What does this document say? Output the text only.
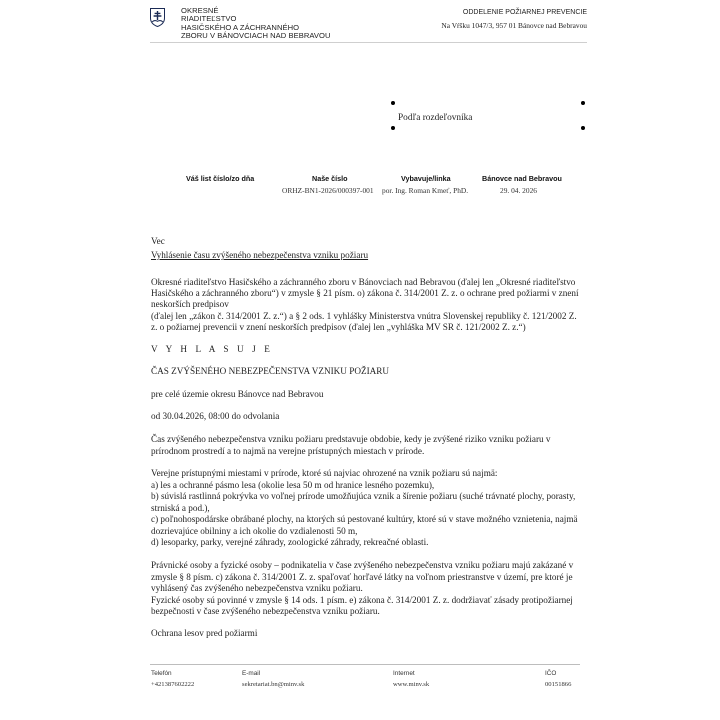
OKRESNÉ
RIADITEĽSTVO
HASIČSKÉHO A ZÁCHRANNÉHO
ZBORU V BÁNOVCIACH NAD BEBRAVOU
ODDELENIE POŽIARNEJ PREVENCIE
Na Vŕšku 1047/3, 957 01 Bánovce nad Bebravou
Podľa rozdeľovníka
Váš list číslo/zo dňa	Naše číslo
ORHZ-BN1-2026/000397-001
Vybavuje/linka
por. Ing. Roman Kmeť, PhD.
Bánovce nad Bebravou
29. 04. 2026
Vec
Vyhlásenie času zvýšeného nebezpečenstva vzniku požiaru
Okresné riaditeľstvo Hasičského a záchranného zboru v Bánovciach nad Bebravou (ďalej len „Okresné riaditeľstvo
Hasičského a záchranného zboru“) v zmysle § 21 písm. o) zákona č. 314/2001 Z. z. o ochrane pred požiarmi v znení
neskorších predpisov
(ďalej len „zákon č. 314/2001 Z. z.“) a § 2 ods. 1 vyhlášky Ministerstva vnútra Slovenskej republiky č. 121/2002 Z.
z. o požiarnej prevencii v znení neskorších predpisov (ďalej len „vyhláška MV SR č. 121/2002 Z. z.“)
V Y H L A S U J E
ČAS ZVÝŠENÉHO NEBEZPEČENSTVA VZNIKU POŽIARU
pre celé územie okresu Bánovce nad Bebravou
od 30.04.2026, 08:00 do odvolania
Čas zvýšeného nebezpečenstva vzniku požiaru predstavuje obdobie, kedy je zvýšené riziko vzniku požiaru v
prírodnom prostredí a to najmä na verejne prístupných miestach v prírode.
Verejne prístupnými miestami v prírode, ktoré sú najviac ohrozené na vznik požiaru sú najmä:
a) les a ochranné pásmo lesa (okolie lesa 50 m od hranice lesného pozemku),
b) súvislá rastlinná pokrývka vo voľnej prírode umožňujúca vznik a šírenie požiaru (suché trávnaté plochy, porasty,
strniská a pod.),
c) poľnohospodárske obrábané plochy, na ktorých sú pestované kultúry, ktoré sú v stave možného vznietenia, najmä
dozrievajúce obilniny a ich okolie do vzdialenosti 50 m,
d) lesoparky, parky, verejné záhrady, zoologické záhrady, rekreačné oblasti.
Právnické osoby a fyzické osoby – podnikatelia v čase zvýšeného nebezpečenstva vzniku požiaru majú zakázané v
zmysle § 8 písm. c) zákona č. 314/2001 Z. z. spaľovať horľavé látky na voľnom priestranstve v území, pre ktoré je
vyhlásený čas zvýšeného nebezpečenstva vzniku požiaru.
Fyzické osoby sú povinné v zmysle § 14 ods. 1 písm. e) zákona č. 314/2001 Z. z. dodržiavať zásady protipožiarnej
bezpečnosti v čase zvýšeného nebezpečenstva vzniku požiaru.
Ochrana lesov pred požiarmi
Telefón
+421387602222
E-mail
sekretariat.bn@minv.sk
Internet
www.minv.sk
IČO
00151866
